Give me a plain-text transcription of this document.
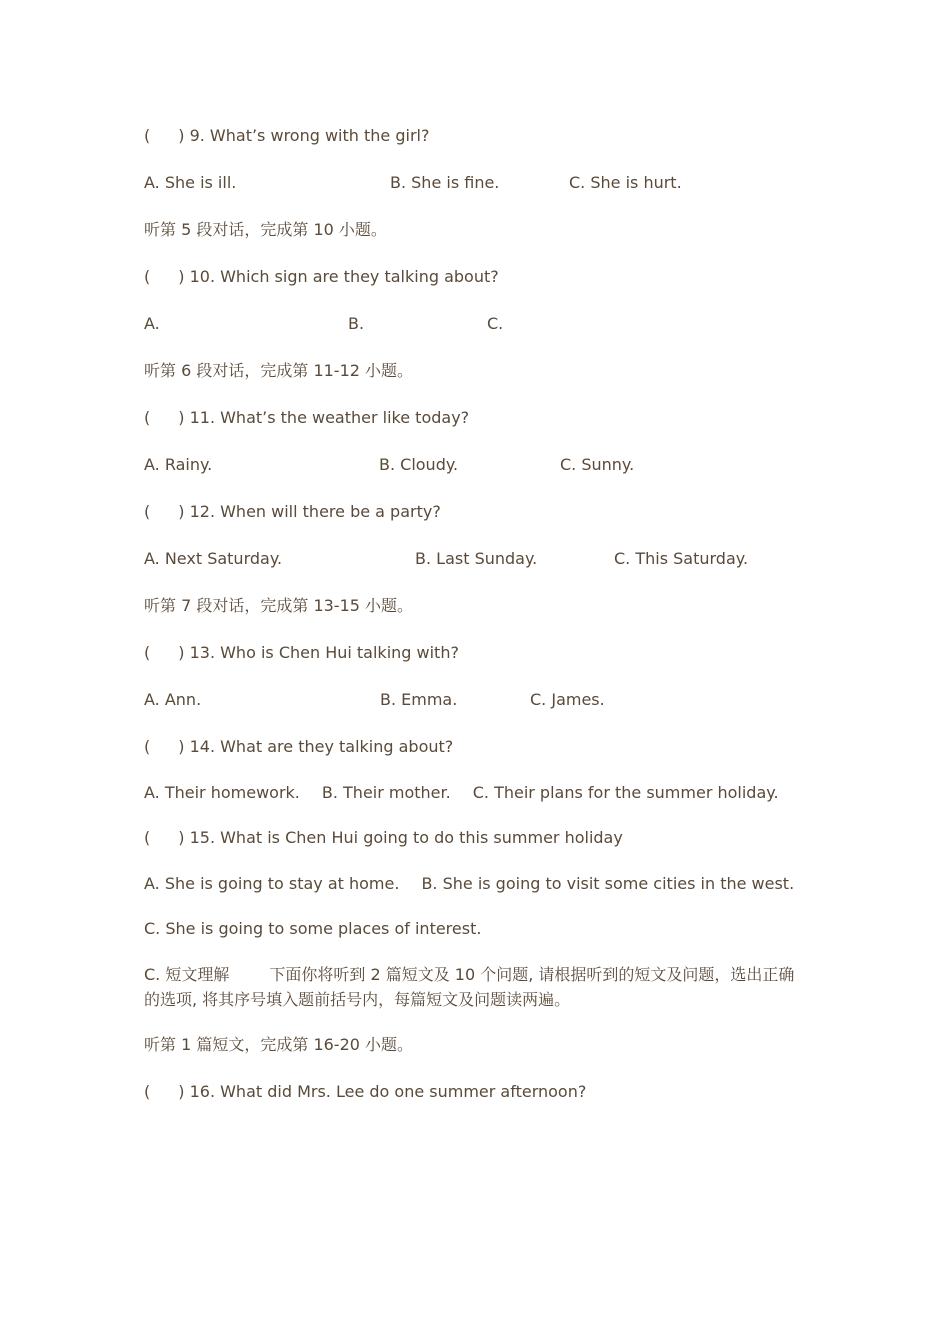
( ) 9. What’s wrong with the girl?
A. She is ill.	B. She is fine.	C. She is hurt.
听第 5 段对话，完成第 10 小题。
( ) 10. Which sign are they talking about?
A.	B.	C.
听第 6 段对话，完成第 11-12 小题。
( ) 11. What’s the weather like today?
A. Rainy.	B. Cloudy.	C. Sunny.
( ) 12. When will there be a party?
A. Next Saturday.	B. Last Sunday.	C. This Saturday.
听第 7 段对话，完成第 13-15 小题。
( ) 13. Who is Chen Hui talking with?
A. Ann.	B. Emma.	C. James.
( ) 14. What are they talking about?
A. Their homework. B. Their mother. C. Their plans for the summer holiday.
( ) 15. What is Chen Hui going to do this summer holiday
A. She is going to stay at home. B. She is going to visit some cities in the west.
C. She is going to some places of interest.
C. 短文理解	下面你将听到 2 篇短文及 10 个问题, 请根据听到的短文及问题，选出正确的选项, 将其序号填入题前括号内，每篇短文及问题读两遍。
听第 1 篇短文，完成第 16-20 小题。
( ) 16. What did Mrs. Lee do one summer afternoon?
